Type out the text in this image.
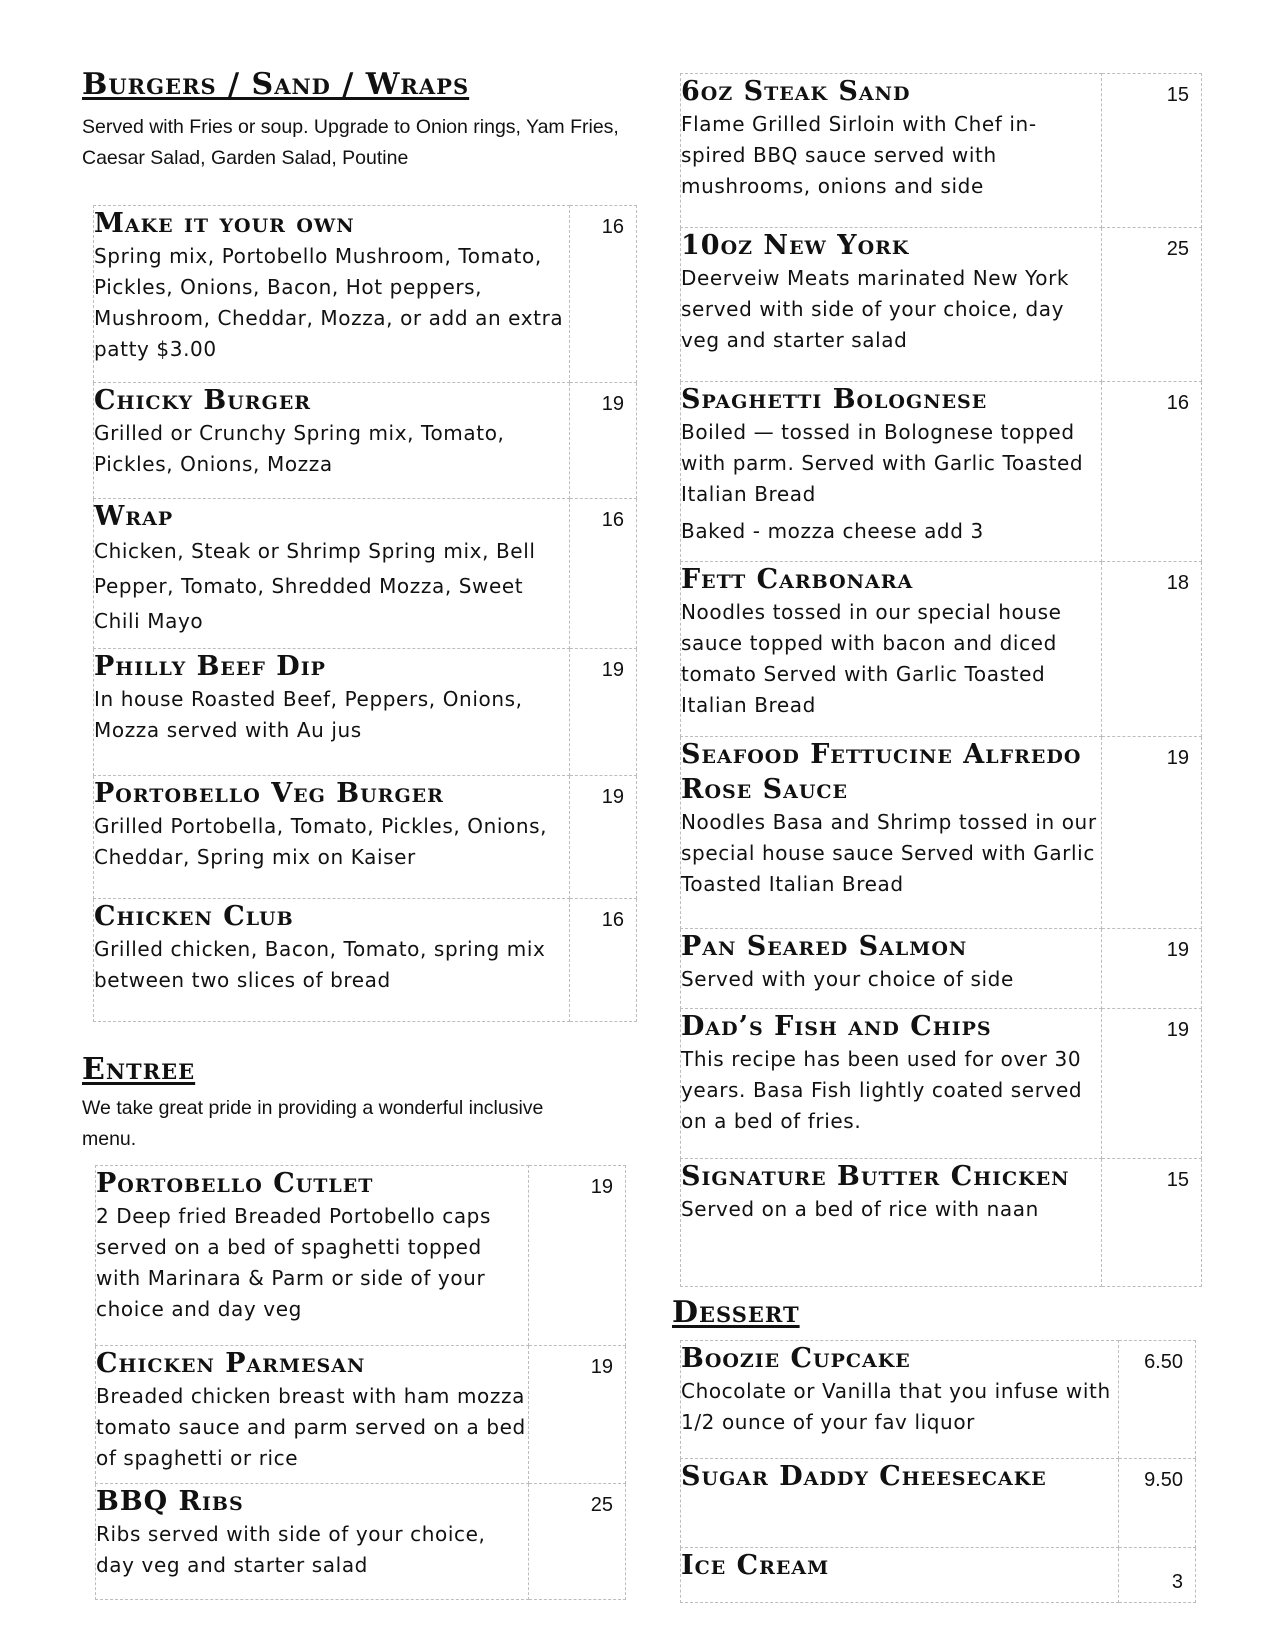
Burgers / Sand / Wraps

Served with Fries or soup. Upgrade to Onion rings, Yam Fries, Caesar Salad, Garden Salad, Poutine

Make it your own

Spring mix, Portobello Mushroom, Tomato, Pickles, Onions, Bacon, Hot peppers, Mushroom, Cheddar, Mozza, or add an extra patty $3.00	16

Chicky Burger

Grilled or Crunchy Spring mix, Tomato, Pickles, Onions, Mozza	19

Wrap

Chicken, Steak or Shrimp Spring mix, Bell Pepper, Tomato, Shredded Mozza, Sweet Chili Mayo	16

Philly Beef Dip

In house Roasted Beef, Peppers, Onions, Mozza served with Au jus	19

Portobello Veg Burger

Grilled Portobella, Tomato, Pickles, Onions, Cheddar, Spring mix on Kaiser	19

Chicken Club

Grilled chicken, Bacon, Tomato, spring mix between two slices of bread	16
Entree

We take great pride in providing a wonderful inclusive menu.

Portobello Cutlet

2 Deep fried Breaded Portobello caps served on a bed of spaghetti topped with Marinara & Parm or side of your choice and day veg	19

Chicken Parmesan

Breaded chicken breast with ham mozza tomato sauce and parm served on a bed of spaghetti or rice	19

BBQ Ribs

Ribs served with side of your choice, day veg and starter salad	25

6oz Steak Sand

Flame Grilled Sirloin with Chef in-spired BBQ sauce served with mushrooms, onions and side	15

10oz New York

Deerveiw Meats marinated New York served with side of your choice, day veg and starter salad	25

Spaghetti Bolognese

Boiled — tossed in Bolognese topped with parm. Served with Garlic Toasted Italian Bread

Baked - mozza cheese add 3	16

Fett Carbonara

Noodles tossed in our special house sauce topped with bacon and diced tomato Served with Garlic Toasted Italian Bread	18

Seafood Fettucine Alfredo Rose Sauce

Noodles Basa and Shrimp tossed in our special house sauce Served with Garlic Toasted Italian Bread	19

Pan Seared Salmon

Served with your choice of side	19

Dad’s Fish and Chips

This recipe has been used for over 30 years. Basa Fish lightly coated served on a bed of fries.	19

Signature Butter Chicken

Served on a bed of rice with naan	15
Dessert

Boozie Cupcake

Chocolate or Vanilla that you infuse with 1/2 ounce of your fav liquor	6.50

Sugar Daddy Cheesecake	9.50

Ice Cream	3
